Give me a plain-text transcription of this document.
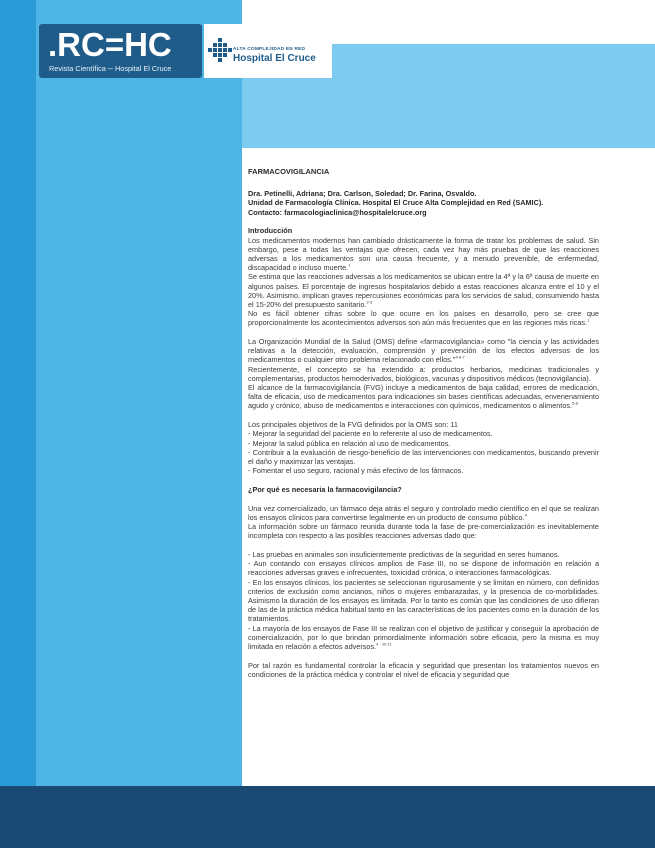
.RC=HC
Revista Científica ─ Hospital El Cruce
ALTA COMPLEJIDAD EN RED
Hospital El Cruce

FARMACOVIGILANCIA

Dra. Petinelli, Adriana; Dra. Carlson, Soledad; Dr. Farina, Osvaldo.

Unidad de Farmacología Clínica. Hospital El Cruce Alta Complejidad en Red (SAMIC).

Contacto: farmacologiaclinica@hospitalelcruce.org

Introducción

Los medicamentos modernos han cambiado drásticamente la forma de tratar los problemas de salud. Sin embargo, pese a todas las ventajas que ofrecen, cada vez hay más pruebas de que las reacciones adversas a los medicamentos son una causa frecuente, y a menudo prevenible, de enfermedad, discapacidad o incluso muerte.$^1$

Se estima que las reacciones adversas a los medicamentos se ubican entre la 4ª y la 6ª causa de muerte en algunos países. El porcentaje de ingresos hospitalarios debido a estas reacciones alcanza entre el 10 y el 20%. Asimismo, implican graves repercusiones económicas para los servicios de salud, consumiendo hasta el 15-20% del presupuesto sanitario.$^{2-3}$

No es fácil obtener cifras sobre lo que ocurre en los países en desarrollo, pero se cree que proporcionalmente los acontecimientos adversos son aún más frecuentes que en las regiones más ricas.$^1$

La Organización Mundial de la Salud (OMS) define «farmacovigilancia» como "la ciencia y las actividades relativas a la detección, evaluación, comprensión y prevención de los efectos adversos de los medicamentos o cualquier otro problema relacionado con ellos."$^{4-6-7}$

Recientemente, el concepto se ha extendido a: productos herbarios, medicinas tradicionales y complementarias, productos hemoderivados, biológicos, vacunas y dispositivos médicos (tecnovigilancia).

El alcance de la farmacovigilancia (FVG) incluye a medicamentos de baja calidad, errores de medicación, falta de eficacia, uso de medicamentos para indicaciones sin bases científicas adecuadas, envenenamiento agudo y crónico, abuso de medicamentos e interacciones con químicos, medicamentos o alimentos.$^{5-8}$

Los principales objetivos de la FVG definidos por la OMS son: 11

- Mejorar la seguridad del paciente en lo referente al uso de medicamentos.

- Mejorar la salud pública en relación al uso de medicamentos.

- Contribuir a la evaluación de riesgo-beneficio de las intervenciones con medicamentos, buscando prevenir el daño y maximizar las ventajas.

- Fomentar el uso seguro, racional y más efectivo de los fármacos.

¿Por qué es necesaria la farmacovigilancia?

Una vez comercializado, un fármaco deja atrás el seguro y controlado medio científico en el que se realizan los ensayos clínicos para convertirse legalmente en un producto de consumo público.$^4$

La información sobre un fármaco reunida durante toda la fase de pre-comercialización es inevitablemente incompleta con respecto a las posibles reacciones adversas dado que:

- Las pruebas en animales son insuficientemente predictivas de la seguridad en seres humanos.

- Aun contando con ensayos clínicos amplios de Fase III, no se dispone de información en relación a reacciones adversas graves e infrecuentes, toxicidad crónica, o interacciones farmacológicas.

- En los ensayos clínicos, los pacientes se seleccionan rigurosamente y se limitan en número, con definidos criterios de exclusión como ancianos, niños o mujeres embarazadas, y la presencia de co-morbilidades. Asimismo la duración de los ensayos es limitada. Por lo tanto es común que las condiciones de uso difieran de las de la práctica médica habitual tanto en las características de los pacientes como en la duración de los tratamientos.

- La mayoría de los ensayos de Fase III se realizan con el objetivo de justificar y conseguir la aprobación de comercialización, por lo que brindan primordialmente información sobre eficacia, pero la misma es muy limitada en relación a efectos adversos.$^{4 \cdot 10 11}$

Por tal razón es fundamental controlar la eficacia y seguridad que presentan los tratamientos nuevos en condiciones de la práctica médica y controlar el nivel de eficacia y seguridad que
